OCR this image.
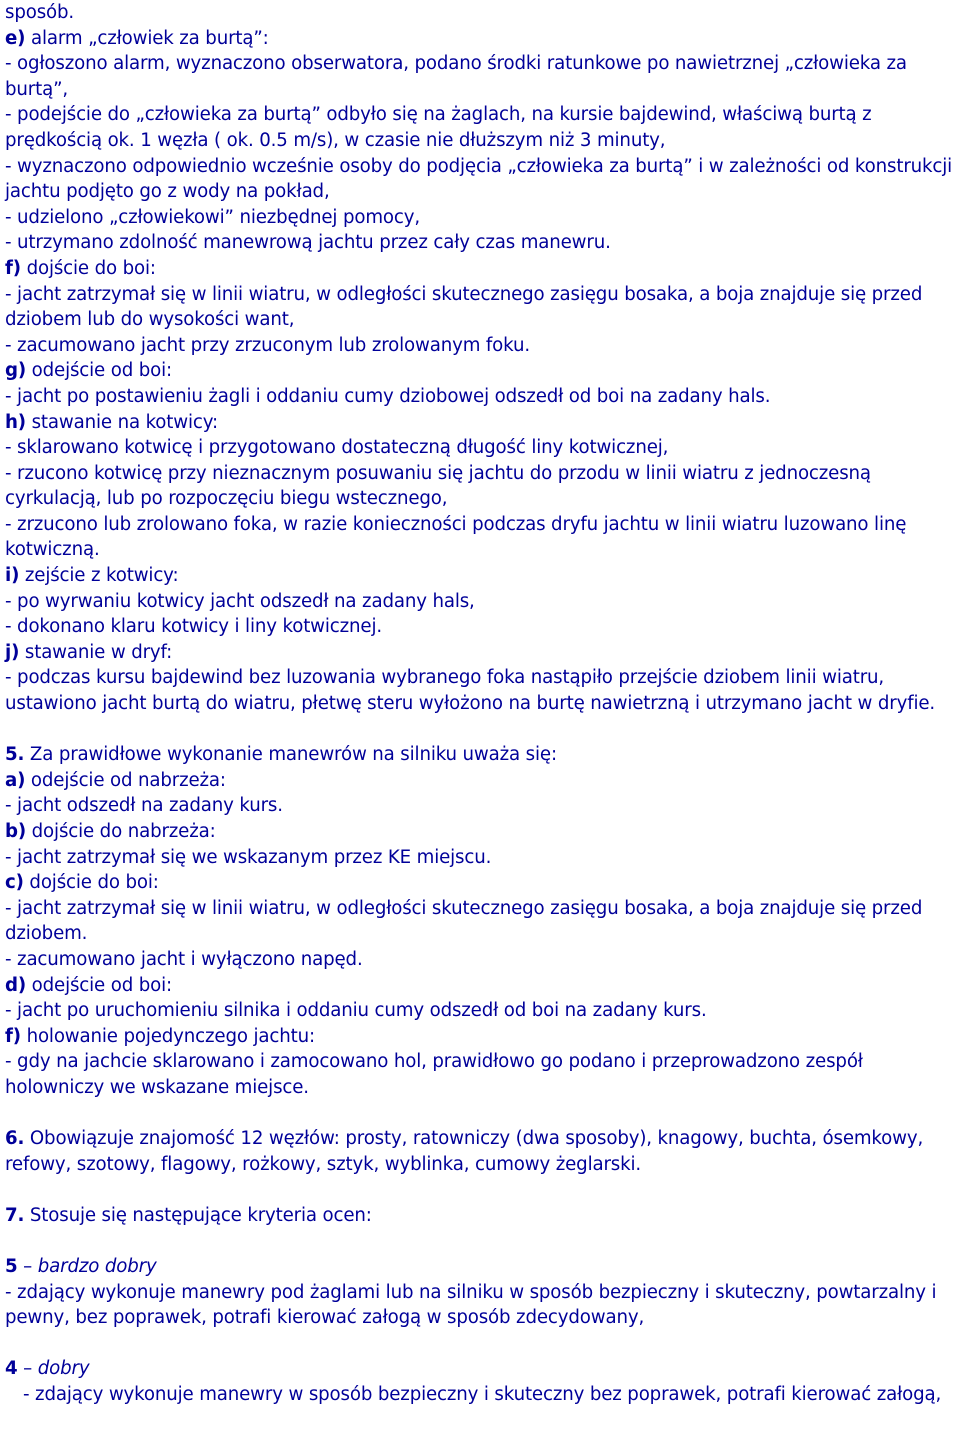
sposób.

e) alarm „człowiek za burtą”:

- ogłoszono alarm, wyznaczono obserwatora, podano środki ratunkowe po nawietrznej „człowieka za burtą”,

- podejście do „człowieka za burtą” odbyło się na żaglach, na kursie bajdewind, właściwą burtą z prędkością ok. 1 węzła ( ok. 0.5 m/s), w czasie nie dłuższym niż 3 minuty,

- wyznaczono odpowiednio wcześnie osoby do podjęcia „człowieka za burtą” i w zależności od konstrukcji jachtu podjęto go z wody na pokład,

- udzielono „człowiekowi” niezbędnej pomocy,

- utrzymano zdolność manewrową jachtu przez cały czas manewru.

f) dojście do boi:

- jacht zatrzymał się w linii wiatru, w odległości skutecznego zasięgu bosaka, a boja znajduje się przed dziobem lub do wysokości want,

- zacumowano jacht przy zrzuconym lub zrolowanym foku.

g) odejście od boi:

- jacht po postawieniu żagli i oddaniu cumy dziobowej odszedł od boi na zadany hals.

h) stawanie na kotwicy:

- sklarowano kotwicę i przygotowano dostateczną długość liny kotwicznej,

- rzucono kotwicę przy nieznacznym posuwaniu się jachtu do przodu w linii wiatru z jednoczesną cyrkulacją, lub po rozpoczęciu biegu wstecznego,

- zrzucono lub zrolowano foka, w razie konieczności podczas dryfu jachtu w linii wiatru luzowano linę kotwiczną.

i) zejście z kotwicy:

- po wyrwaniu kotwicy jacht odszedł na zadany hals,

- dokonano klaru kotwicy i liny kotwicznej.

j) stawanie w dryf:

- podczas kursu bajdewind bez luzowania wybranego foka nastąpiło przejście dziobem linii wiatru, ustawiono jacht burtą do wiatru, płetwę steru wyłożono na burtę nawietrzną i utrzymano jacht w dryfie.

5. Za prawidłowe wykonanie manewrów na silniku uważa się:

a) odejście od nabrzeża:

- jacht odszedł na zadany kurs.

b) dojście do nabrzeża:

- jacht zatrzymał się we wskazanym przez KE miejscu.

c) dojście do boi:

- jacht zatrzymał się w linii wiatru, w odległości skutecznego zasięgu bosaka, a boja znajduje się przed dziobem.

- zacumowano jacht i wyłączono napęd.

d) odejście od boi:

- jacht po uruchomieniu silnika i oddaniu cumy odszedł od boi na zadany kurs.

f) holowanie pojedynczego jachtu:

- gdy na jachcie sklarowano i zamocowano hol, prawidłowo go podano i przeprowadzono zespół holowniczy we wskazane miejsce.

6. Obowiązuje znajomość 12 węzłów: prosty, ratowniczy (dwa sposoby), knagowy, buchta, ósemkowy, refowy, szotowy, flagowy, rożkowy, sztyk, wyblinka, cumowy żeglarski.

7. Stosuje się następujące kryteria ocen:

5 – bardzo dobry

- zdający wykonuje manewry pod żaglami lub na silniku w sposób bezpieczny i skuteczny, powtarzalny i pewny, bez poprawek, potrafi kierować załogą w sposób zdecydowany,

4 – dobry

- zdający wykonuje manewry w sposób bezpieczny i skuteczny bez poprawek, potrafi kierować załogą,
